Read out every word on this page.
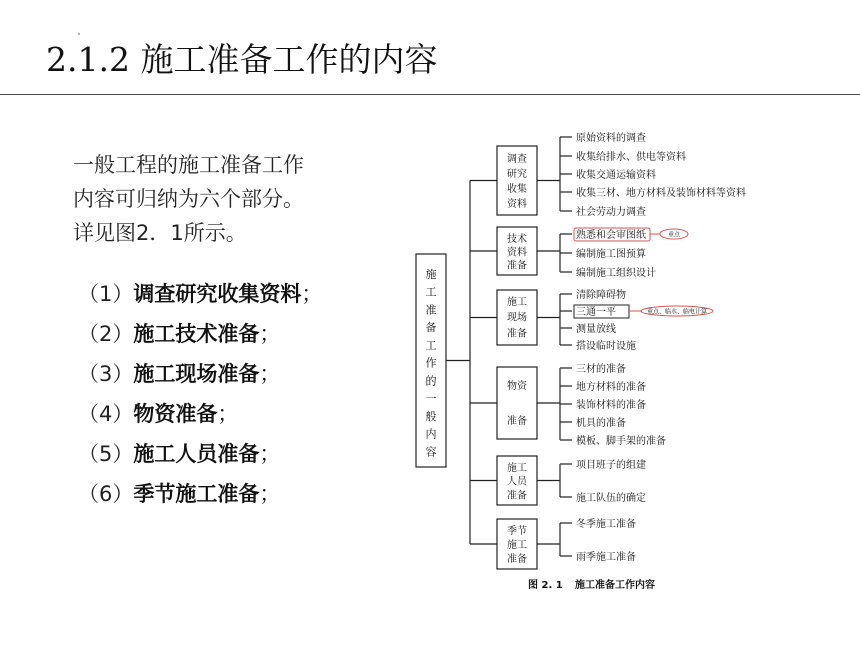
2.1.2 施工准备工作的内容
一般工程的施工准备工作
内容可归纳为六个部分。
详见图2．1所示。
（1）调查研究收集资料；
（2）施工技术准备；
（3）施工现场准备；
（4）物资准备；
（5）施工人员准备；
（6）季节施工准备；
施
工
准
备
工
作
的
一
般
内
容
调查
研究
收集
资料
原始资料的调查
收集给排水、供电等资料
收集交通运输资料
收集三材、地方材料及装饰材料等资料
社会劳动力调查
技术
资料
准备
熟悉和会审图纸	重点
编制施工图预算
编制施工组织设计
施工
现场
准备
清除障碍物
三通一平	重点、临水、临电计算
测量放线
搭设临时设施
物资
准备
三材的准备
地方材料的准备
装饰材料的准备
机具的准备
模板、脚手架的准备
施工
人员
准备
项目班子的组建
施工队伍的确定
季节
施工
准备
冬季施工准备
雨季施工准备
图 2. 1 施工准备工作内容
